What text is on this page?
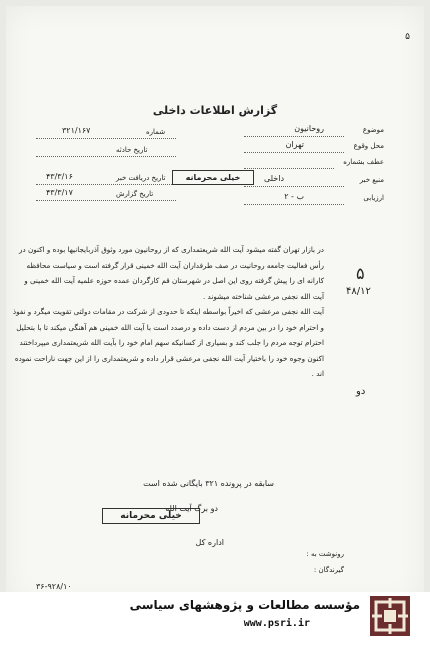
۵
گزارش اطلاعات داخلی
موضوع
روحانیون
محل وقوع
تهران
عطف بشماره
منبع خبر
داخلی
ارزیابی
ب - ۲
شماره
۳۲۱/۱۶۷
تاریخ حادثه
تاریخ دریافت خبر
۴۳/۳/۱۶
تاریخ گزارش
۴۳/۳/۱۷
خیلی محرمانه

در بازار تهران گفته میشود آیت الله شریعتمداری که از روحانیون مورد وثوق آذربایجانیها بوده و اکنون در رأس فعالیت جامعه روحانیت در صف طرفداران آیت الله خمینی قرار گرفته است و سیاست محافظه کارانه ای را پیش گرفته روی این اصل در شهرستان قم کارگردان عمده حوزه علمیه آیت الله خمینی و آیت الله نجفی مرعشی شناخته میشوند .

آیت الله نجفی مرعشی که اخیراً بواسطه اینکه تا حدودی از شرکت در مقامات دولتی تقویت میگرد و نفوذ و احترام خود را در بین مردم از دست داده و درصدد است با آیت الله خمینی هم آهنگی میکند تا با بتحلیل احترام توجه مردم را جلب کند و بسیاری از کسانیکه سهم امام خود را بآیت الله شریعتمداری میپرداختند اکنون وجوه خود را باختیار آیت الله نجفی مرعشی قرار داده و شریعتمداری را از این جهت ناراحت نموده اند .

۵
۴۸/۱۲
دو
سابقه در پرونده ۳۲۱ بایگانی شده است
دو برگ آیت الله
خیلی محرمانه
اداره کل
رونوشت به :
گیرندگان :
۳۶-۹۲۸/۱۰
مؤسسه مطالعات و پژوهشهای سیاسی
www.psri.ir
